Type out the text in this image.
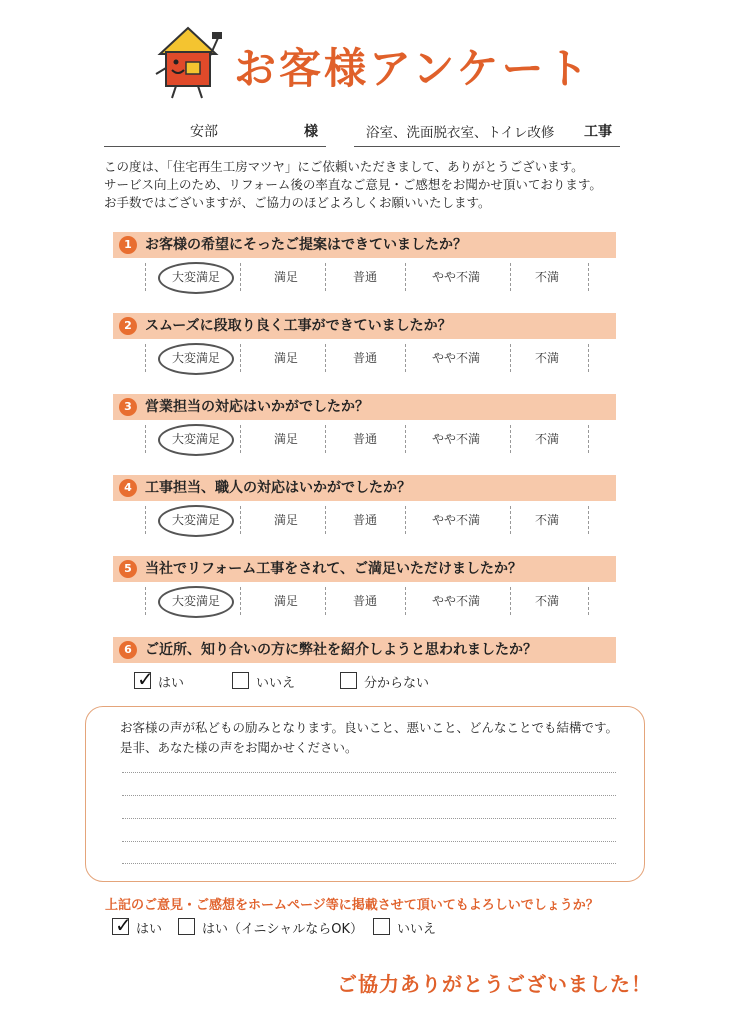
お客様アンケート
安部	様	浴室、洗面脱衣室、トイレ改修 工事
この度は、「住宅再生工房マツヤ」にご依頼いただきまして、ありがとうございます。
サービス向上のため、リフォーム後の率直なご意見・ご感想をお聞かせ頂いております。
お手数ではございますが、ご協力のほどよろしくお願いいたします。
1 お客様の希望にそったご提案はできていましたか？
大変満足	満足	普通	やや不満	不満
2 スムーズに段取り良く工事ができていましたか？
大変満足	満足	普通	やや不満	不満
3 営業担当の対応はいかがでしたか？
大変満足	満足	普通	やや不満	不満
4 工事担当、職人の対応はいかがでしたか？
大変満足	満足	普通	やや不満	不満
5 当社でリフォーム工事をされて、ご満足いただけましたか？
大変満足	満足	普通	やや不満	不満
6 ご近所、知り合いの方に弊社を紹介しようと思われましたか？
✓ はい	いいえ	分からない
お客様の声が私どもの励みとなります。良いこと、悪いこと、どんなことでも結構です。
是非、あなた様の声をお聞かせください。
上記のご意見・ご感想をホームページ等に掲載させて頂いてもよろしいでしょうか？
✓ はい	はい（イニシャルならOK）	いいえ
ご協力ありがとうございました！
